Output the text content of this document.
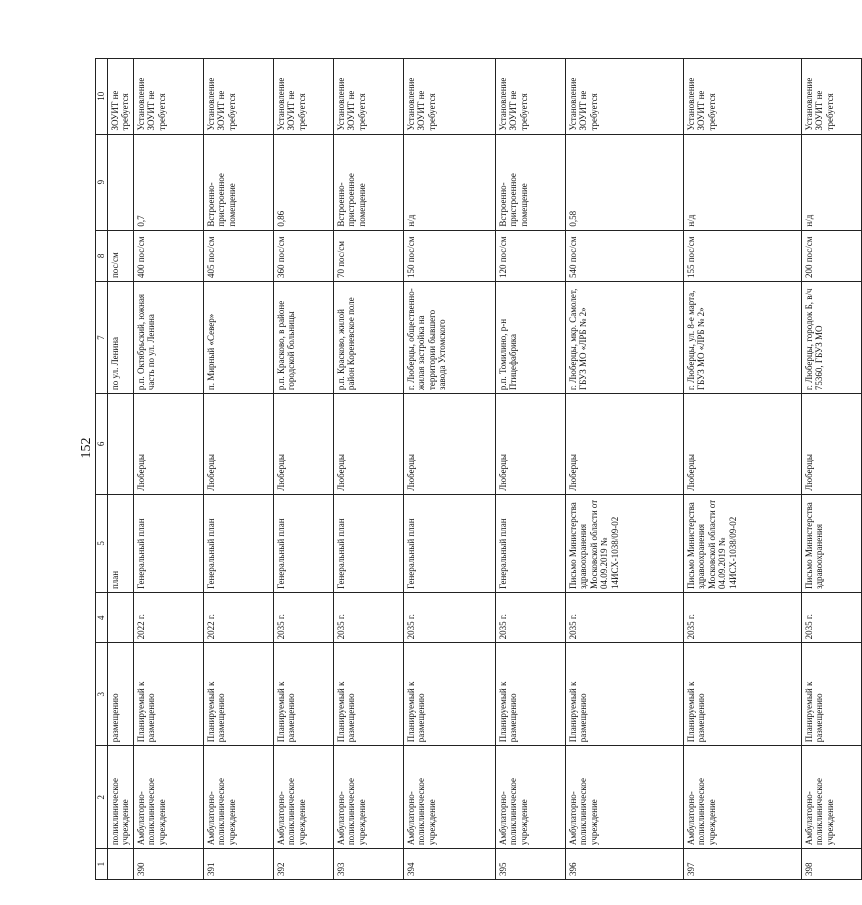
152
1	2	3	4	5	6	7	8	9	10
	поликлиническое учреждение	размещению		план		по ул. Ленина	пос/см		ЗОУИТ не требуется
390	Амбулаторно-поликлиническое учреждение	Планируемый к размещению	2022 г.	Генеральный план	Люберцы	р.п. Октябрьский, южная часть по ул. Ленина	400 пос/см	0,7	Установление ЗОУИТ не требуется
391	Амбулаторно-поликлиническое учреждение	Планируемый к размещению	2022 г.	Генеральный план	Люберцы	п. Мирный «Север»	405 пос/см	Встроенно-пристроенное помещение	Установление ЗОУИТ не требуется
392	Амбулаторно-поликлиническое учреждение	Планируемый к размещению	2035 г.	Генеральный план	Люберцы	р.п. Красково, в районе городской больницы	360 пос/см	0,86	Установление ЗОУИТ не требуется
393	Амбулаторно-поликлиническое учреждение	Планируемый к размещению	2035 г.	Генеральный план	Люберцы	р.п. Красково, жилой район Кореневское поле	70 пос/см	Встроенно-пристроенное помещение	Установление ЗОУИТ не требуется
394	Амбулаторно-поликлиническое учреждение	Планируемый к размещению	2035 г.	Генеральный план	Люберцы	г. Люберцы, общественно-жилая застройка на территории бывшего завода Ухтомского	150 пос/см	н/д	Установление ЗОУИТ не требуется
395	Амбулаторно-поликлиническое учреждение	Планируемый к размещению	2035 г.	Генеральный план	Люберцы	р.п. Томилино, р-н Птицефабрика	120 пос/см	Встроенно-пристроенное помещение	Установление ЗОУИТ не требуется
396	Амбулаторно-поликлиническое учреждение	Планируемый к размещению	2035 г.	Письмо Министерства здравоохранения Московской области от 04.09.2019 № 14ИСХ-1038/09-02	Люберцы	г. Люберцы, мкр. Самолет, ГБУЗ МО «ЛРБ № 2»	540 пос/см	0,58	Установление ЗОУИТ не требуется
397	Амбулаторно-поликлиническое учреждение	Планируемый к размещению	2035 г.	Письмо Министерства здравоохранения Московской области от 04.09.2019 № 14ИСХ-1038/09-02	Люберцы	г. Люберцы, ул. 8-е марта, ГБУЗ МО «ЛРБ № 2»	155 пос/см	н/д	Установление ЗОУИТ не требуется
398	Амбулаторно-поликлиническое учреждение	Планируемый к размещению	2035 г.	Письмо Министерства здравоохранения	Люберцы	г. Люберцы, городок Б, в/ч 75360, ГБУЗ МО	200 пос/см	н/д	Установление ЗОУИТ не требуется
